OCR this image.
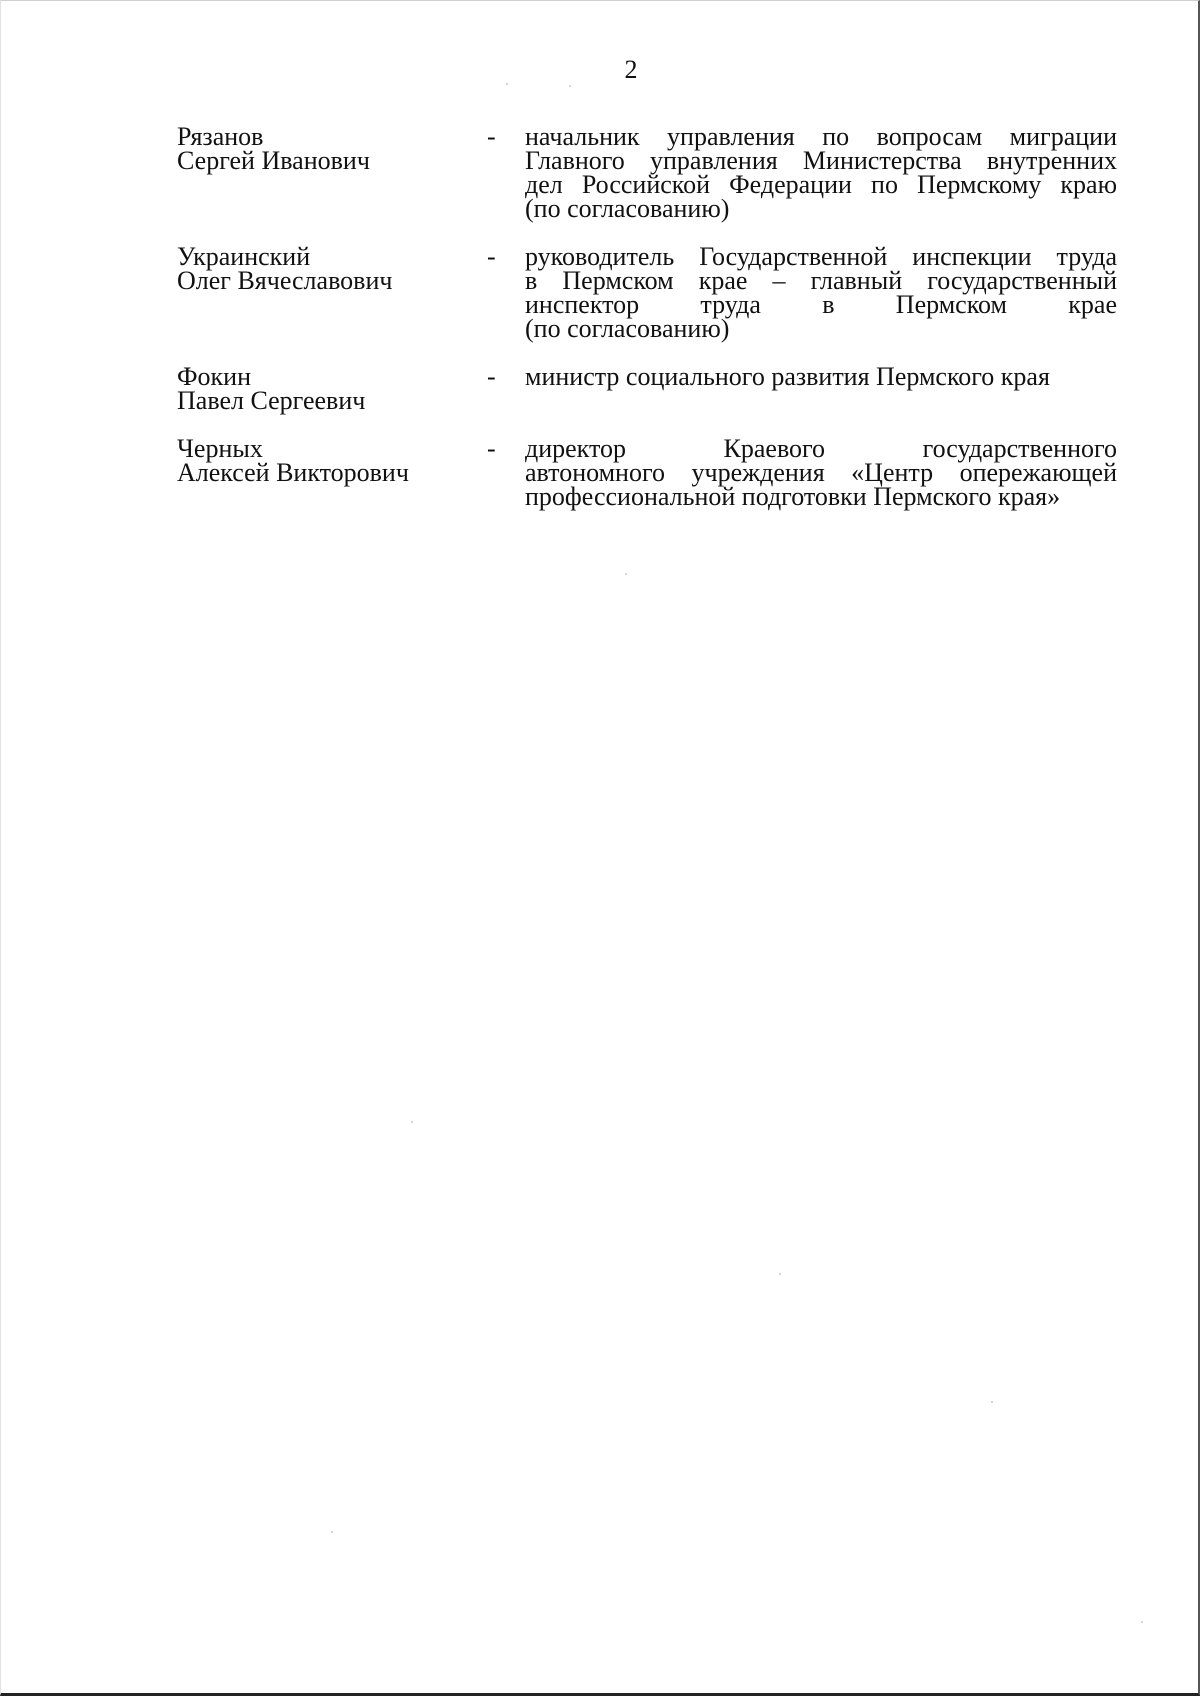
2
Рязанов
Сергей Иванович
-	начальник управления по вопросам миграции
Главного управления Министерства внутренних
дел Российской Федерации по Пермскому краю
(по согласованию)
Украинский
Олег Вячеславович
-	руководитель Государственной инспекции труда
в Пермском крае – главный государственный
инспектор труда в Пермском крае
(по согласованию)
Фокин
Павел Сергеевич
-	министр социального развития Пермского края
Черных
Алексей Викторович
-	директор Краевого государственного
автономного учреждения «Центр опережающей
профессиональной подготовки Пермского края»
